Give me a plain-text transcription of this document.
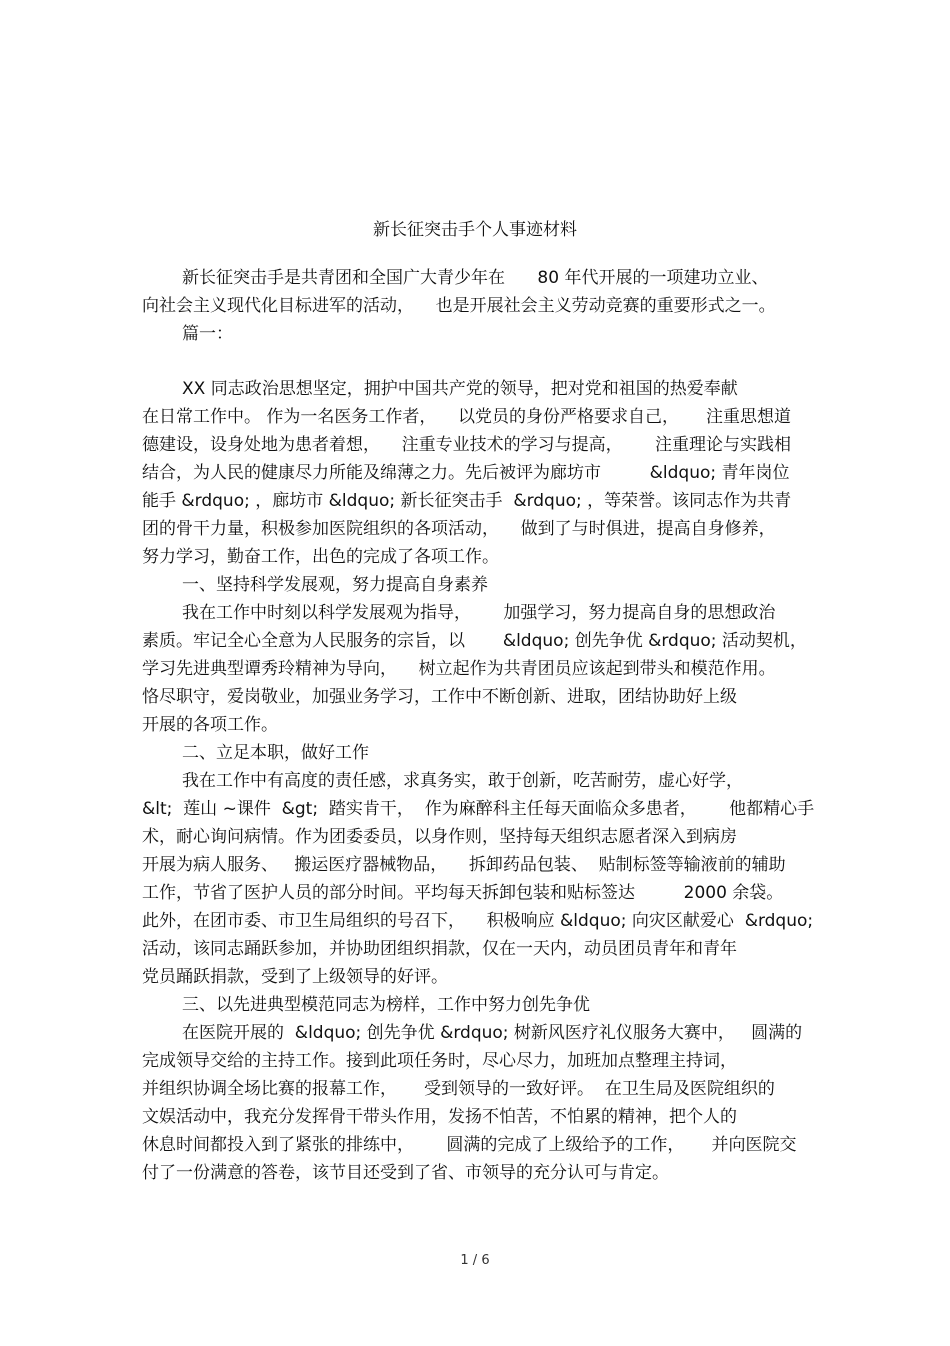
新长征突击手个人事迹材料
新长征突击手是共青团和全国广大青少年在      80 年代开展的一项建功立业、
向社会主义现代化目标进军的活动，    也是开展社会主义劳动竞赛的重要形式之一。
篇一：
XX 同志政治思想坚定，拥护中国共产党的领导，把对党和祖国的热爱奉献
在日常工作中。 作为一名医务工作者，    以党员的身份严格要求自己，     注重思想道
德建设，设身处地为患者着想，    注重专业技术的学习与提高，      注重理论与实践相
结合，为人民的健康尽力所能及绵薄之力。先后被评为廊坊市         &ldquo; 青年岗位
能手 &rdquo; ，廊坊市 &ldquo; 新长征突击手  &rdquo; ，等荣誉。该同志作为共青
团的骨干力量，积极参加医院组织的各项活动，    做到了与时俱进，提高自身修养，
努力学习，勤奋工作，出色的完成了各项工作。
一、坚持科学发展观，努力提高自身素养
我在工作中时刻以科学发展观为指导，      加强学习，努力提高自身的思想政治
素质。牢记全心全意为人民服务的宗旨，以       &ldquo; 创先争优 &rdquo; 活动契机，
学习先进典型谭秀玲精神为导向，    树立起作为共青团员应该起到带头和模范作用。
恪尽职守，爱岗敬业，加强业务学习，工作中不断创新、进取，团结协助好上级
开展的各项工作。
二、立足本职，做好工作
我在工作中有高度的责任感，求真务实，敢于创新，吃苦耐劳，虚心好学，
&lt;  莲山 ~课件  &gt;  踏实肯干，  作为麻醉科主任每天面临众多患者，      他都精心手
术，耐心询问病情。作为团委委员，以身作则，坚持每天组织志愿者深入到病房
开展为病人服务、   搬运医疗器械物品，    拆卸药品包装、  贴制标签等输液前的辅助
工作，节省了医护人员的部分时间。平均每天拆卸包装和贴标签达         2000 余袋。
此外，在团市委、市卫生局组织的号召下，    积极响应 &ldquo; 向灾区献爱心  &rdquo;
活动，该同志踊跃参加，并协助团组织捐款，仅在一天内，动员团员青年和青年
党员踊跃捐款，受到了上级领导的好评。
三、以先进典型模范同志为榜样，工作中努力创先争优
在医院开展的  &ldquo; 创先争优 &rdquo; 树新风医疗礼仪服务大赛中，   圆满的
完成领导交给的主持工作。接到此项任务时，尽心尽力，加班加点整理主持词，
并组织协调全场比赛的报幕工作，     受到领导的一致好评。  在卫生局及医院组织的
文娱活动中，我充分发挥骨干带头作用，发扬不怕苦，不怕累的精神，把个人的
休息时间都投入到了紧张的排练中，      圆满的完成了上级给予的工作，     并向医院交
付了一份满意的答卷，该节目还受到了省、市领导的充分认可与肯定。
1 / 6
